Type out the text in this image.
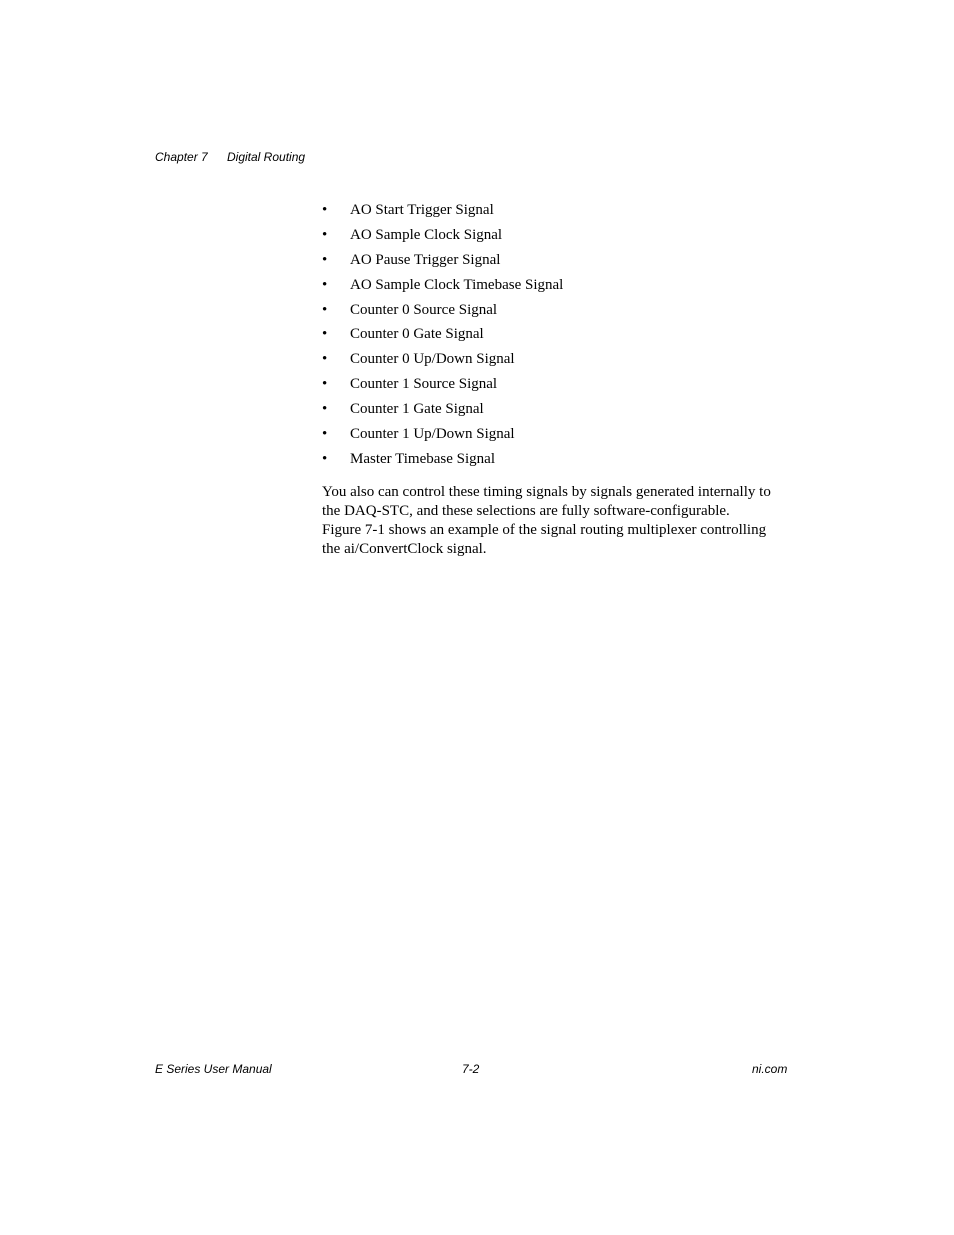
Chapter 7 Digital Routing
• AO Start Trigger Signal
• AO Sample Clock Signal
• AO Pause Trigger Signal
• AO Sample Clock Timebase Signal
• Counter 0 Source Signal
• Counter 0 Gate Signal
• Counter 0 Up/Down Signal
• Counter 1 Source Signal
• Counter 1 Gate Signal
• Counter 1 Up/Down Signal
• Master Timebase Signal

You also can control these timing signals by signals generated internally to
the DAQ-STC, and these selections are fully software-configurable.
Figure 7-1 shows an example of the signal routing multiplexer controlling
the ai/ConvertClock signal.

E Series User Manual	7-2	ni.com
